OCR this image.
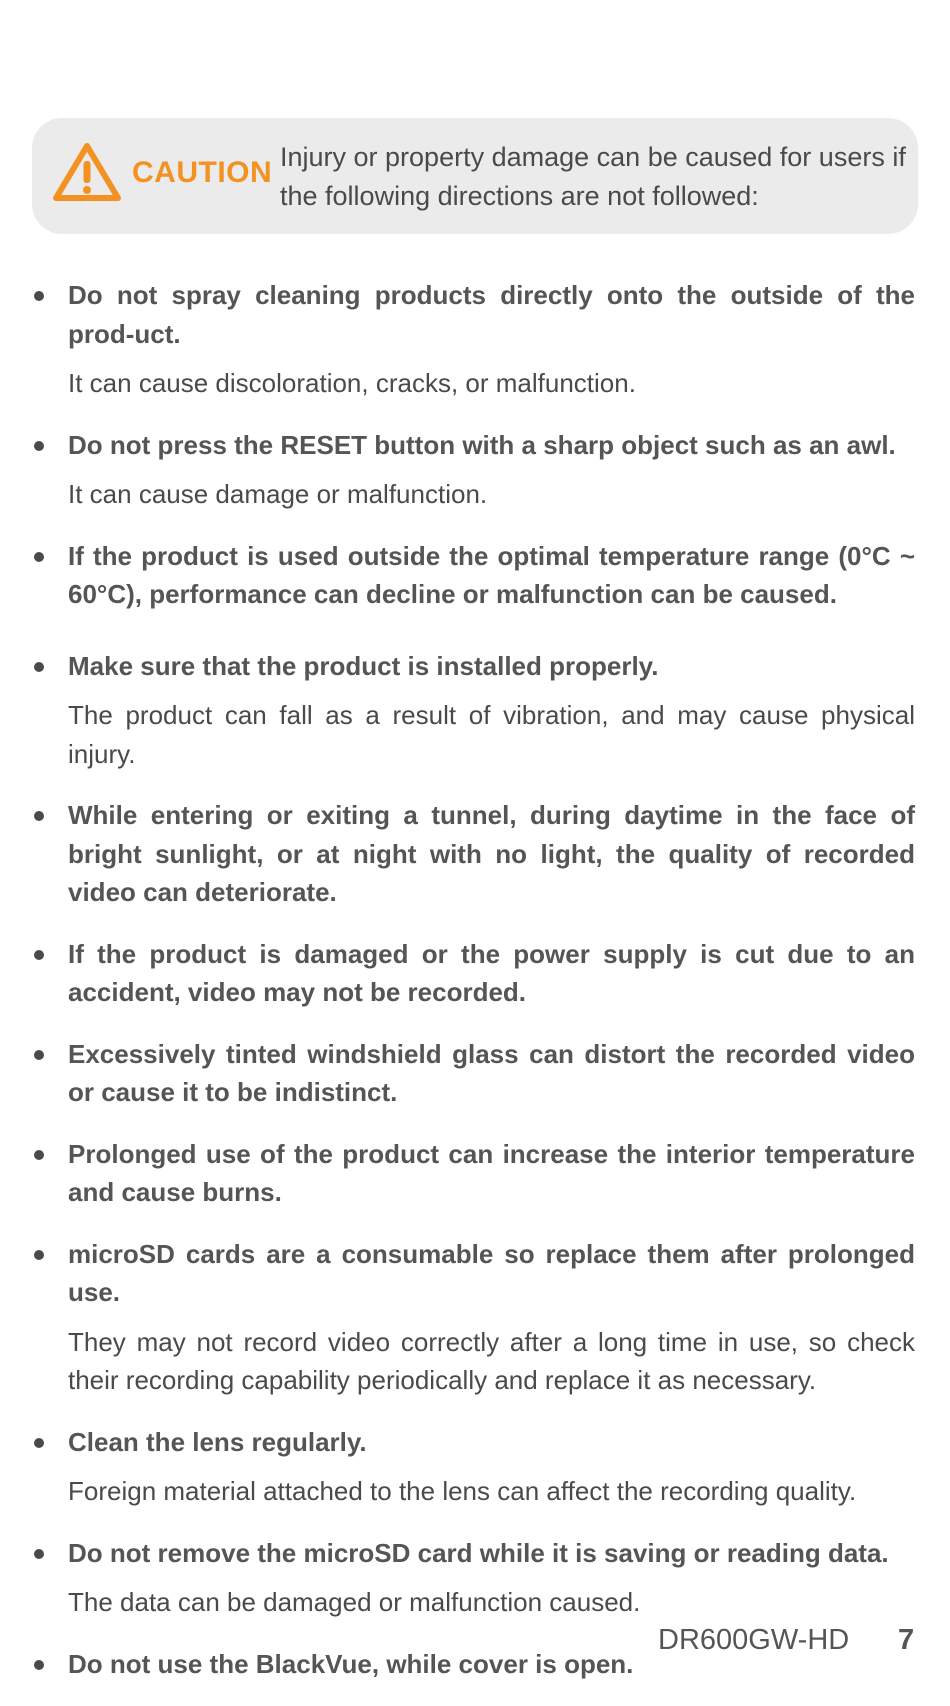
CAUTION Injury or property damage can be caused for users if the following directions are not followed:

Do not spray cleaning products directly onto the outside of the prod-uct.

It can cause discoloration, cracks, or malfunction.

Do not press the RESET button with a sharp object such as an awl.

It can cause damage or malfunction.

If the product is used outside the optimal temperature range (0°C ~ 60°C), performance can decline or malfunction can be caused.

Make sure that the product is installed properly.

The product can fall as a result of vibration, and may cause physical injury.

While entering or exiting a tunnel, during daytime in the face of bright sunlight, or at night with no light, the quality of recorded video can deteriorate.

If the product is damaged or the power supply is cut due to an accident, video may not be recorded.

Excessively tinted windshield glass can distort the recorded video or cause it to be indistinct.

Prolonged use of the product can increase the interior temperature and cause burns.

microSD cards are a consumable so replace them after prolonged use.

They may not record video correctly after a long time in use, so check their recording capability periodically and replace it as necessary.

Clean the lens regularly.

Foreign material attached to the lens can affect the recording quality.

Do not remove the microSD card while it is saving or reading data.

The data can be damaged or malfunction caused.

Do not use the BlackVue, while cover is open.

DR600GW-HD 7
